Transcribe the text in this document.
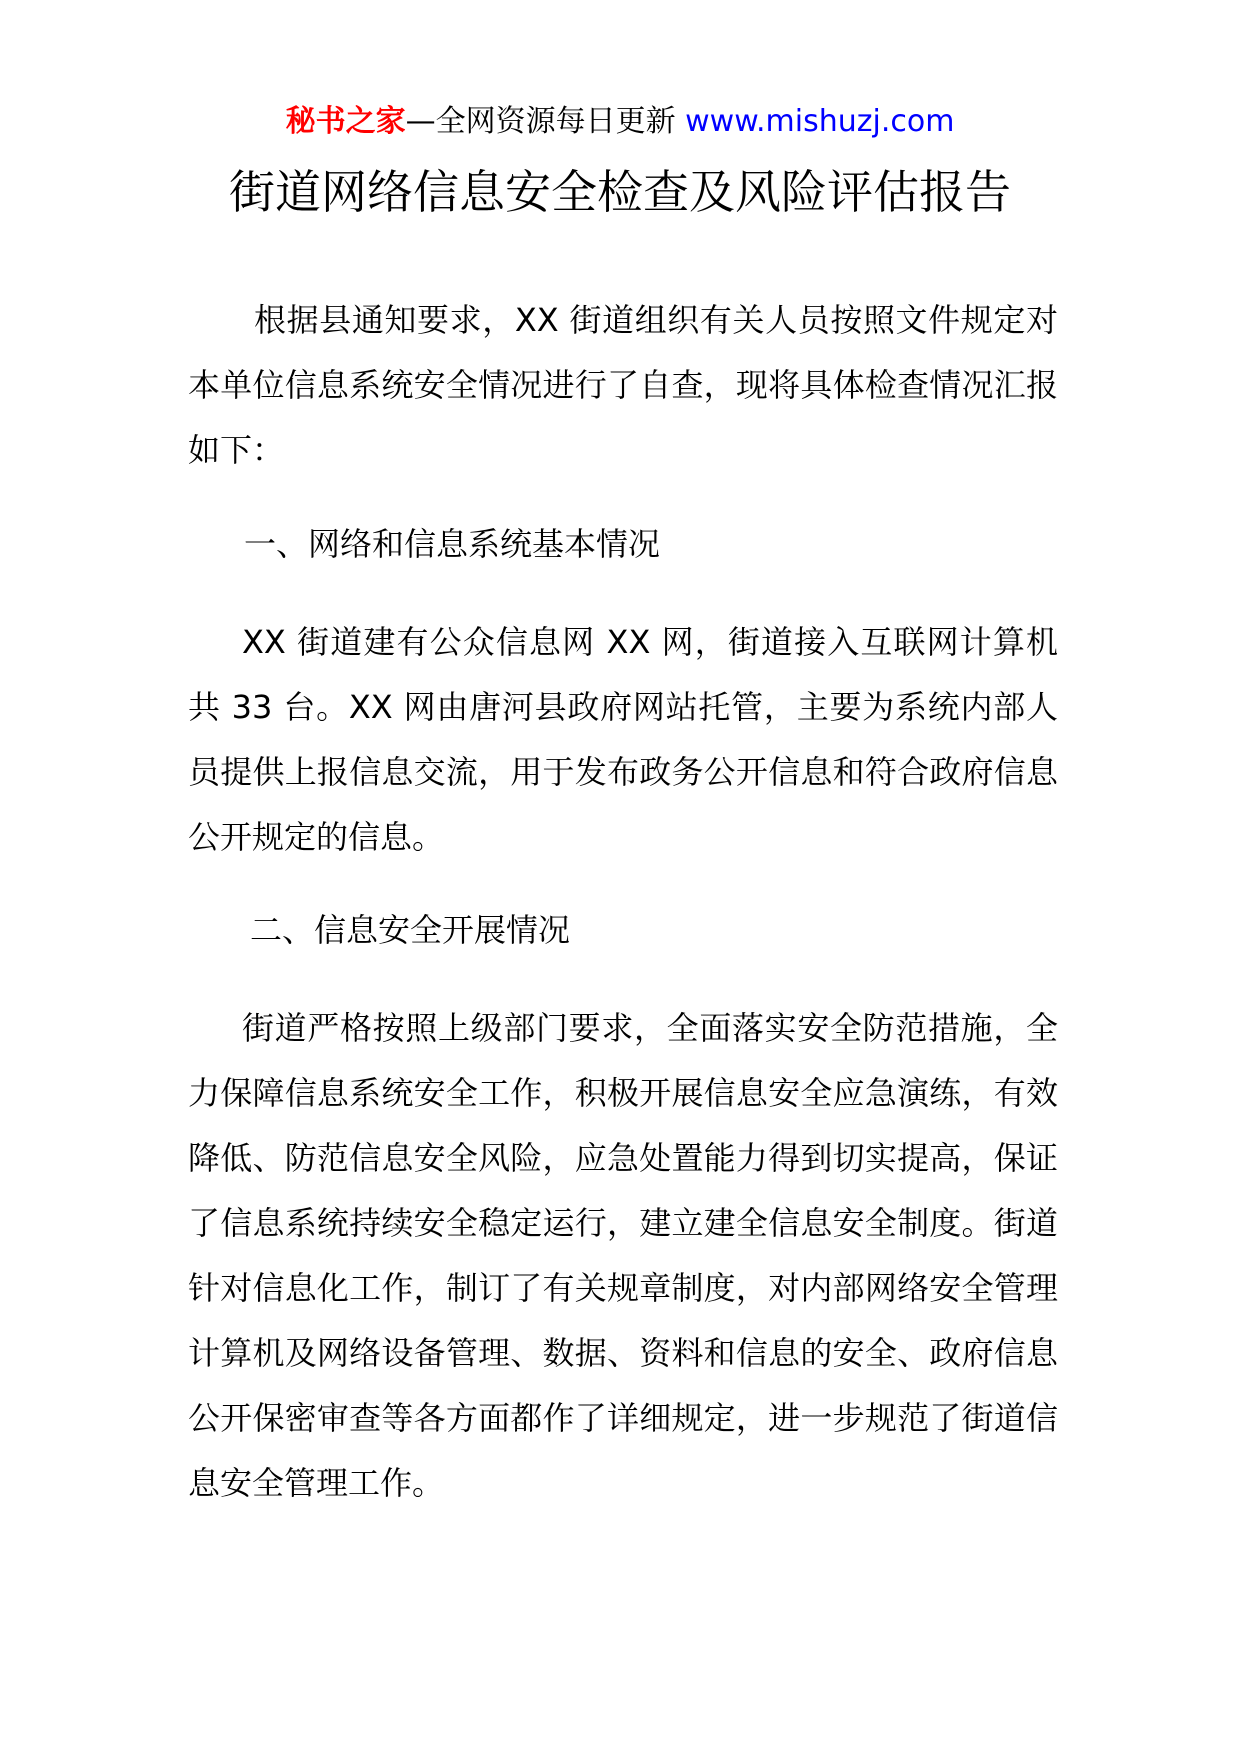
秘书之家—全网资源每日更新 www.mishuzj.com
街道网络信息安全检查及风险评估报告

根据县通知要求，XX 街道组织有关人员按照文件规定对本单位信息系统安全情况进行了自查，现将具体检查情况汇报如下：

一、网络和信息系统基本情况

XX 街道建有公众信息网 XX 网，街道接入互联网计算机共 33 台。XX 网由唐河县政府网站托管，主要为系统内部人员提供上报信息交流，用于发布政务公开信息和符合政府信息公开规定的信息。

二、信息安全开展情况

街道严格按照上级部门要求，全面落实安全防范措施，全力保障信息系统安全工作，积极开展信息安全应急演练，有效降低、防范信息安全风险，应急处置能力得到切实提高，保证了信息系统持续安全稳定运行，建立建全信息安全制度。街道针对信息化工作，制订了有关规章制度，对内部网络安全管理计算机及网络设备管理、数据、资料和信息的安全、政府信息公开保密审查等各方面都作了详细规定，进一步规范了街道信息安全管理工作。
